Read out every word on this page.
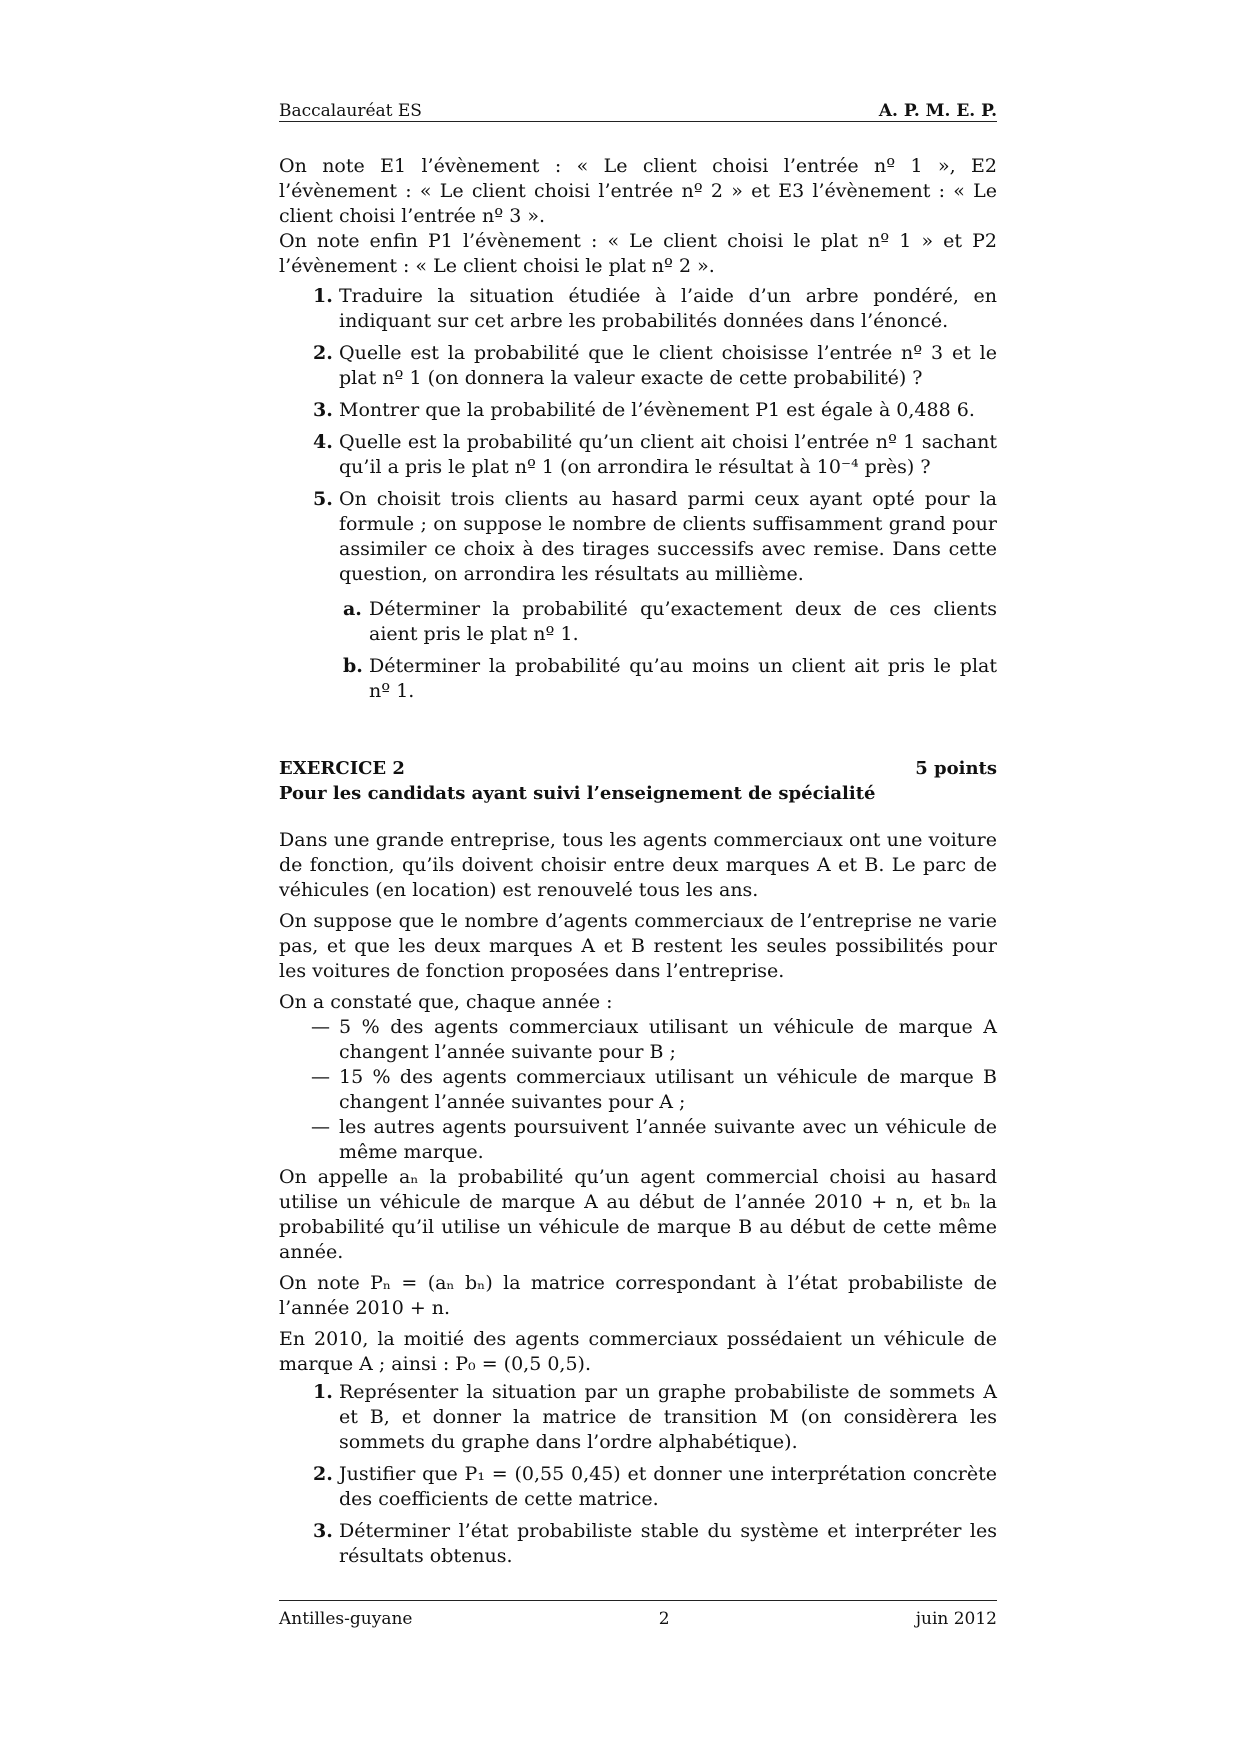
Baccalauréat ES	A. P. M. E. P.

On note E1 l’évènement : « Le client choisi l’entrée nº 1 », E2 l’évènement : « Le client choisi l’entrée nº 2 » et E3 l’évènement : « Le client choisi l’entrée nº 3 ».

On note enfin P1 l’évènement : « Le client choisi le plat nº 1 » et P2 l’évènement : « Le client choisi le plat nº 2 ».

1. Traduire la situation étudiée à l’aide d’un arbre pondéré, en indiquant sur cet arbre les probabilités données dans l’énoncé.
2. Quelle est la probabilité que le client choisisse l’entrée nº 3 et le plat nº 1 (on donnera la valeur exacte de cette probabilité) ?
3. Montrer que la probabilité de l’évènement P1 est égale à 0,488 6.
4. Quelle est la probabilité qu’un client ait choisi l’entrée nº 1 sachant qu’il a pris le plat nº 1 (on arrondira le résultat à 10⁻⁴ près) ?
5. On choisit trois clients au hasard parmi ceux ayant opté pour la formule ; on suppose le nombre de clients suffisamment grand pour assimiler ce choix à des tirages successifs avec remise. Dans cette question, on arrondira les résultats au millième.
a. Déterminer la probabilité qu’exactement deux de ces clients aient pris le plat nº 1.
b. Déterminer la probabilité qu’au moins un client ait pris le plat nº 1.
EXERCICE 2	5 points
Pour les candidats ayant suivi l’enseignement de spécialité

Dans une grande entreprise, tous les agents commerciaux ont une voiture de fonction, qu’ils doivent choisir entre deux marques A et B. Le parc de véhicules (en location) est renouvelé tous les ans.

On suppose que le nombre d’agents commerciaux de l’entreprise ne varie pas, et que les deux marques A et B restent les seules possibilités pour les voitures de fonction proposées dans l’entreprise.

On a constaté que, chaque année :

— 5 % des agents commerciaux utilisant un véhicule de marque A changent l’année suivante pour B ;
— 15 % des agents commerciaux utilisant un véhicule de marque B changent l’année suivantes pour A ;
— les autres agents poursuivent l’année suivante avec un véhicule de même marque.

On appelle aₙ la probabilité qu’un agent commercial choisi au hasard utilise un véhicule de marque A au début de l’année 2010 + n, et bₙ la probabilité qu’il utilise un véhicule de marque B au début de cette même année.

On note Pₙ = (aₙ bₙ) la matrice correspondant à l’état probabiliste de l’année 2010 + n.

En 2010, la moitié des agents commerciaux possédaient un véhicule de marque A ; ainsi : P₀ = (0,5 0,5).

1. Représenter la situation par un graphe probabiliste de sommets A et B, et donner la matrice de transition M (on considèrera les sommets du graphe dans l’ordre alphabétique).
2. Justifier que P₁ = (0,55 0,45) et donner une interprétation concrète des coefficients de cette matrice.
3. Déterminer l’état probabiliste stable du système et interpréter les résultats obtenus.
Antilles-guyane	2	juin 2012
